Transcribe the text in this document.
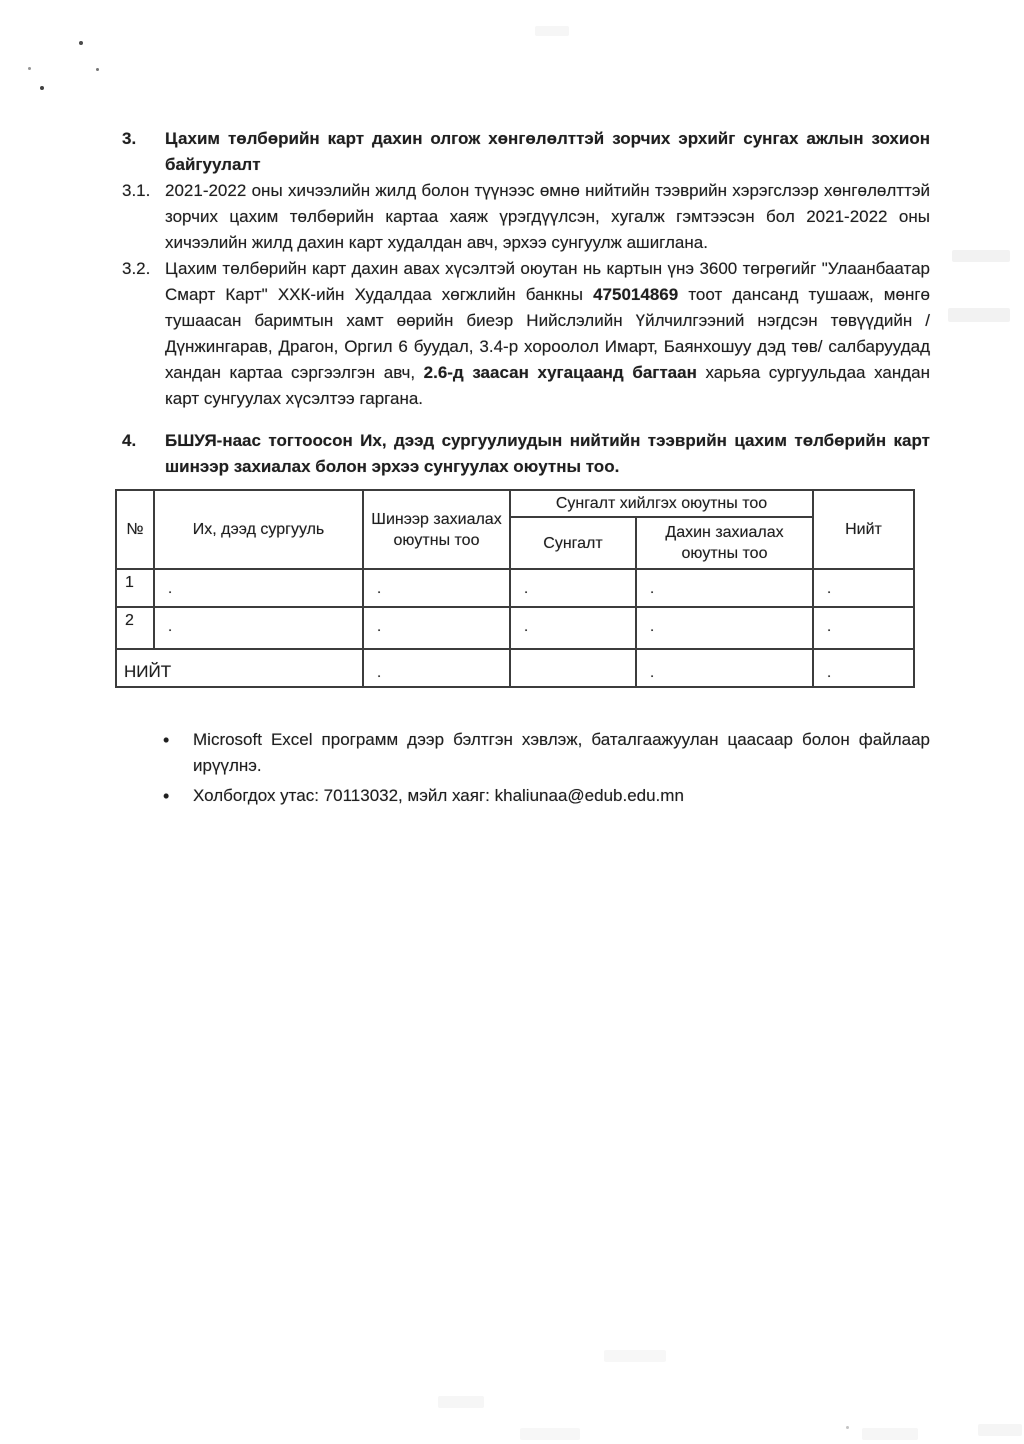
3. Цахим төлбөрийн карт дахин олгож хөнгөлөлттэй зорчих эрхийг сунгах ажлын зохион байгуулалт
3.1. 2021-2022 оны хичээлийн жилд болон түүнээс өмнө нийтийн тээврийн хэрэгслээр хөнгөлөлттэй зорчих цахим төлбөрийн картаа хаяж үрэгдүүлсэн, хугалж гэмтээсэн бол 2021-2022 оны хичээлийн жилд дахин карт худалдан авч, эрхээ сунгуулж ашиглана.
3.2. Цахим төлбөрийн карт дахин авах хүсэлтэй оюутан нь картын үнэ 3600 төгрөгийг "Улаанбаатар Смарт Карт" ХХК-ийн Худалдаа хөгжлийн банкны 475014869 тоот дансанд тушааж, мөнгө тушаасан баримтын хамт өөрийн биеэр Нийслэлийн Үйлчилгээний нэгдсэн төвүүдийн /Дүнжингарав, Драгон, Оргил 6 буудал, 3.4-р хороолол Имарт, Баянхошуу дэд төв/ салбаруудад хандан картаа сэргээлгэн авч, 2.6-д заасан хугацаанд багтаан харьяа сургуульдаа хандан карт сунгуулах хүсэлтээ гаргана.
4. БШУЯ-наас тогтоосон Их, дээд сургуулиудын нийтийн тээврийн цахим төлбөрийн карт шинээр захиалах болон эрхээ сунгуулах оюутны тоо.
№	Их, дээд сургууль	Шинээр захиалах оюутны тоо	Сунгалт хийлгэх оюутны тоо		Нийт
			Сунгалт	Дахин захиалах оюутны тоо	
1	.	.	.	.	.
2	.	.	.	.	.
НИЙТ		.		.	.
• Microsoft Excel программ дээр бэлтгэн хэвлэж, баталгаажуулан цаасаар болон файлаар ирүүлнэ.
• Холбогдох утас: 70113032, мэйл хаяг: khaliunaa@edub.edu.mn
